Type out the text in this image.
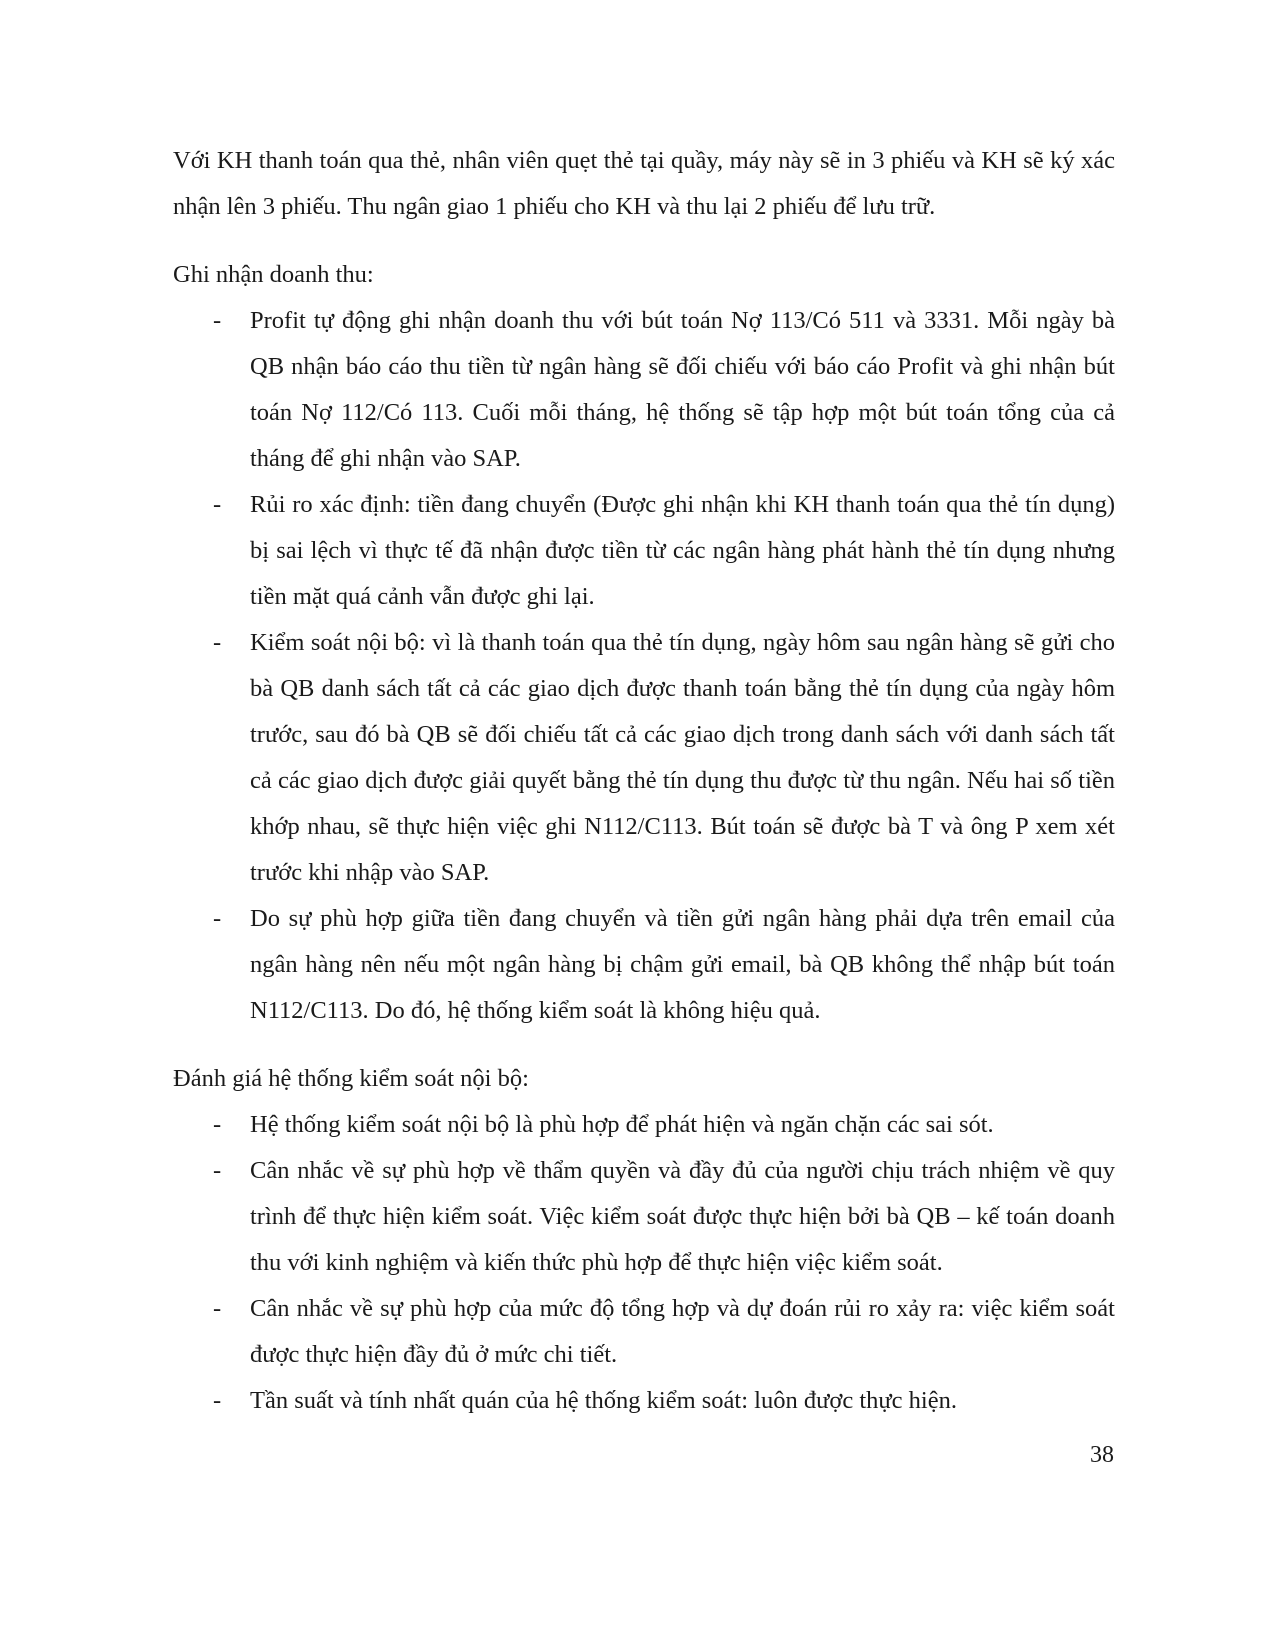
Với KH thanh toán qua thẻ, nhân viên quẹt thẻ tại quầy, máy này sẽ in 3 phiếu và KH sẽ ký xác nhận lên 3 phiếu. Thu ngân giao 1 phiếu cho KH và thu lại 2 phiếu để lưu trữ.

Ghi nhận doanh thu:

- Profit tự động ghi nhận doanh thu với bút toán Nợ 113/Có 511 và 3331. Mỗi ngày bà QB nhận báo cáo thu tiền từ ngân hàng sẽ đối chiếu với báo cáo Profit và ghi nhận bút toán Nợ 112/Có 113. Cuối mỗi tháng, hệ thống sẽ tập hợp một bút toán tổng của cả tháng để ghi nhận vào SAP.
- Rủi ro xác định: tiền đang chuyển (Được ghi nhận khi KH thanh toán qua thẻ tín dụng) bị sai lệch vì thực tế đã nhận được tiền từ các ngân hàng phát hành thẻ tín dụng nhưng tiền mặt quá cảnh vẫn được ghi lại.
- Kiểm soát nội bộ: vì là thanh toán qua thẻ tín dụng, ngày hôm sau ngân hàng sẽ gửi cho bà QB danh sách tất cả các giao dịch được thanh toán bằng thẻ tín dụng của ngày hôm trước, sau đó bà QB sẽ đối chiếu tất cả các giao dịch trong danh sách với danh sách tất cả các giao dịch được giải quyết bằng thẻ tín dụng thu được từ thu ngân. Nếu hai số tiền khớp nhau, sẽ thực hiện việc ghi N112/C113. Bút toán sẽ được bà T và ông P xem xét trước khi nhập vào SAP.
- Do sự phù hợp giữa tiền đang chuyển và tiền gửi ngân hàng phải dựa trên email của ngân hàng nên nếu một ngân hàng bị chậm gửi email, bà QB không thể nhập bút toán N112/C113. Do đó, hệ thống kiểm soát là không hiệu quả.

Đánh giá hệ thống kiểm soát nội bộ:

- Hệ thống kiểm soát nội bộ là phù hợp để phát hiện và ngăn chặn các sai sót.
- Cân nhắc về sự phù hợp về thẩm quyền và đầy đủ của người chịu trách nhiệm về quy trình để thực hiện kiểm soát. Việc kiểm soát được thực hiện bởi bà QB – kế toán doanh thu với kinh nghiệm và kiến thức phù hợp để thực hiện việc kiểm soát.
- Cân nhắc về sự phù hợp của mức độ tổng hợp và dự đoán rủi ro xảy ra: việc kiểm soát được thực hiện đầy đủ ở mức chi tiết.
- Tần suất và tính nhất quán của hệ thống kiểm soát: luôn được thực hiện.
38
